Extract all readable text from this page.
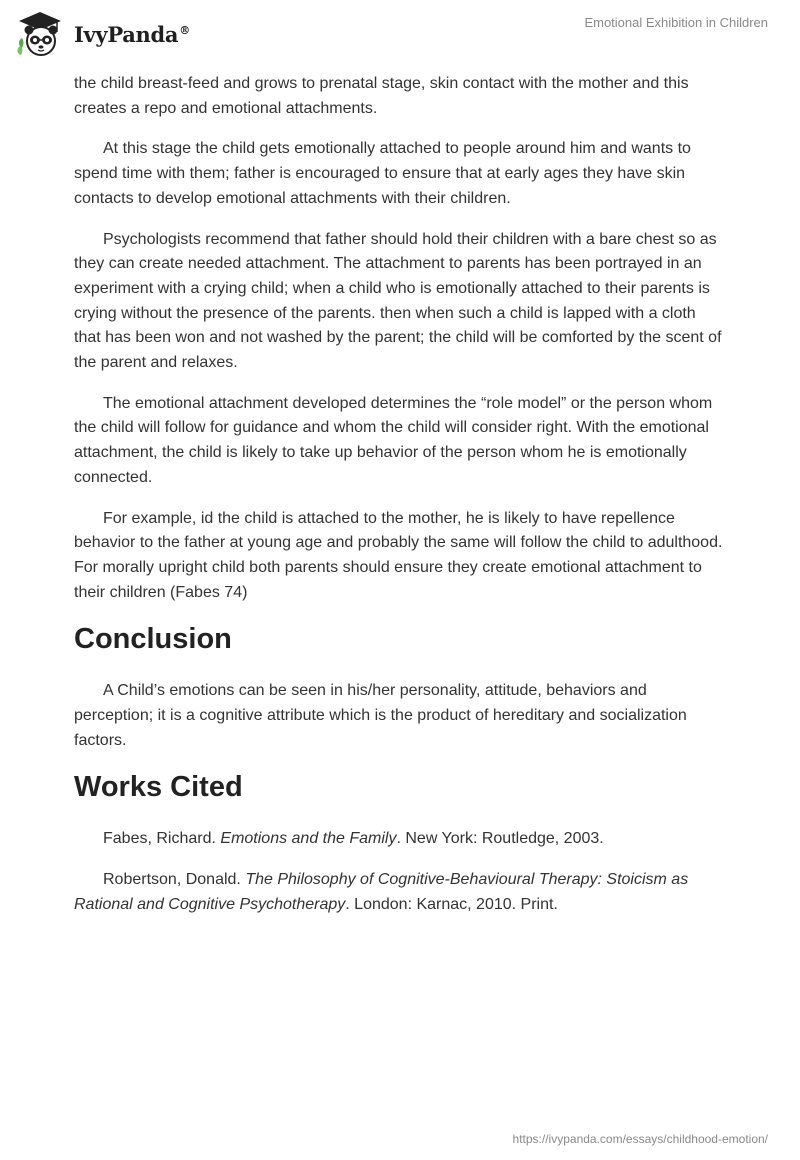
IvyPanda®	Emotional Exhibition in Children

the child breast-feed and grows to prenatal stage, skin contact with the mother and this creates a repo and emotional attachments.

At this stage the child gets emotionally attached to people around him and wants to spend time with them; father is encouraged to ensure that at early ages they have skin contacts to develop emotional attachments with their children.

Psychologists recommend that father should hold their children with a bare chest so as they can create needed attachment. The attachment to parents has been portrayed in an experiment with a crying child; when a child who is emotionally attached to their parents is crying without the presence of the parents. then when such a child is lapped with a cloth that has been won and not washed by the parent; the child will be comforted by the scent of the parent and relaxes.

The emotional attachment developed determines the “role model” or the person whom the child will follow for guidance and whom the child will consider right. With the emotional attachment, the child is likely to take up behavior of the person whom he is emotionally connected.

For example, id the child is attached to the mother, he is likely to have repellence behavior to the father at young age and probably the same will follow the child to adulthood. For morally upright child both parents should ensure they create emotional attachment to their children (Fabes 74)

Conclusion

A Child’s emotions can be seen in his/her personality, attitude, behaviors and perception; it is a cognitive attribute which is the product of hereditary and socialization factors.

Works Cited

Fabes, Richard. Emotions and the Family. New York: Routledge, 2003.

Robertson, Donald. The Philosophy of Cognitive-Behavioural Therapy: Stoicism as Rational and Cognitive Psychotherapy. London: Karnac, 2010. Print.

https://ivypanda.com/essays/childhood-emotion/
